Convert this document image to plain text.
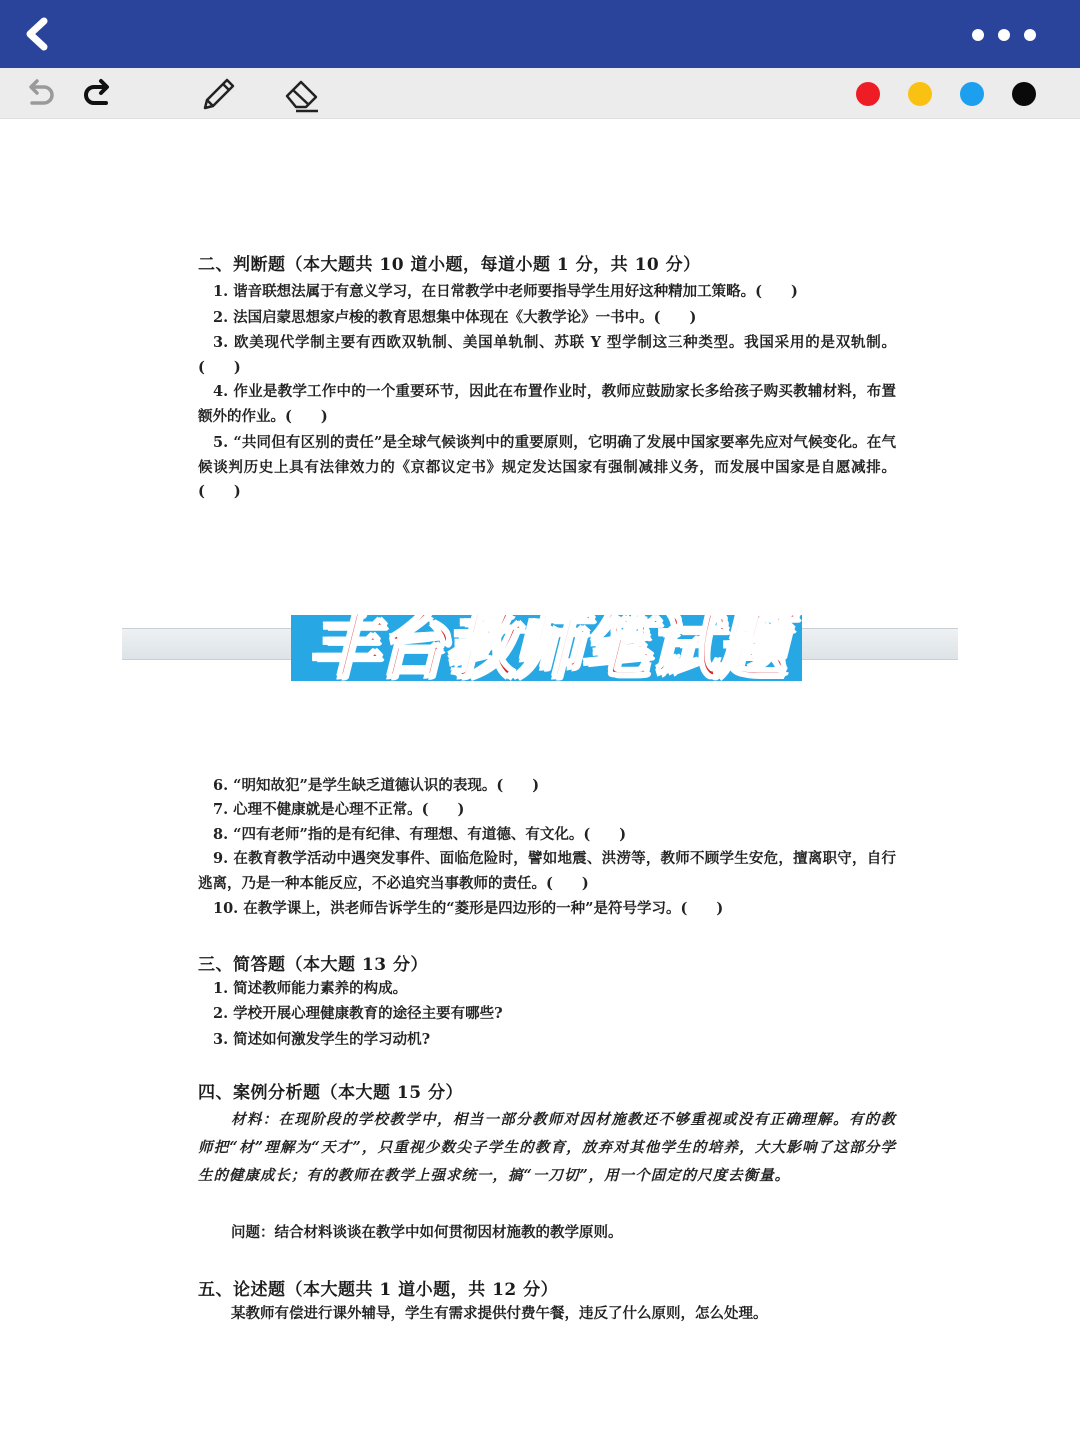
二、判断题（本大题共 10 道小题，每道小题 1 分，共 10 分）
1. 谐音联想法属于有意义学习，在日常教学中老师要指导学生用好这种精加工策略。(　　)
2. 法国启蒙思想家卢梭的教育思想集中体现在《大教学论》一书中。(　　)
3. 欧美现代学制主要有西欧双轨制、美国单轨制、苏联 Y 型学制这三种类型。我国采用的是双轨制。(　　)
4. 作业是教学工作中的一个重要环节，因此在布置作业时，教师应鼓励家长多给孩子购买教辅材料，布置额外的作业。(　　)
5. “共同但有区别的责任”是全球气候谈判中的重要原则，它明确了发展中国家要率先应对气候变化。在气候谈判历史上具有法律效力的《京都议定书》规定发达国家有强制减排义务，而发展中国家是自愿减排。(　　)
丰台教师笔试题
6. “明知故犯”是学生缺乏道德认识的表现。(　　)
7. 心理不健康就是心理不正常。(　　)
8. “四有老师”指的是有纪律、有理想、有道德、有文化。(　　)
9. 在教育教学活动中遇突发事件、面临危险时，譬如地震、洪涝等，教师不顾学生安危，擅离职守，自行逃离，乃是一种本能反应，不必追究当事教师的责任。(　　)
10. 在教学课上，洪老师告诉学生的“菱形是四边形的一种”是符号学习。(　　)
三、简答题（本大题 13 分）
1. 简述教师能力素养的构成。
2. 学校开展心理健康教育的途径主要有哪些?
3. 简述如何激发学生的学习动机?
四、案例分析题（本大题 15 分）
材料：在现阶段的学校教学中，相当一部分教师对因材施教还不够重视或没有正确理解。有的教师把“材”理解为“天才”，只重视少数尖子学生的教育，放弃对其他学生的培养，大大影响了这部分学生的健康成长；有的教师在教学上强求统一，搞“一刀切”，用一个固定的尺度去衡量。
问题：结合材料谈谈在教学中如何贯彻因材施教的教学原则。
五、论述题（本大题共 1 道小题，共 12 分）
某教师有偿进行课外辅导，学生有需求提供付费午餐，违反了什么原则，怎么处理。
